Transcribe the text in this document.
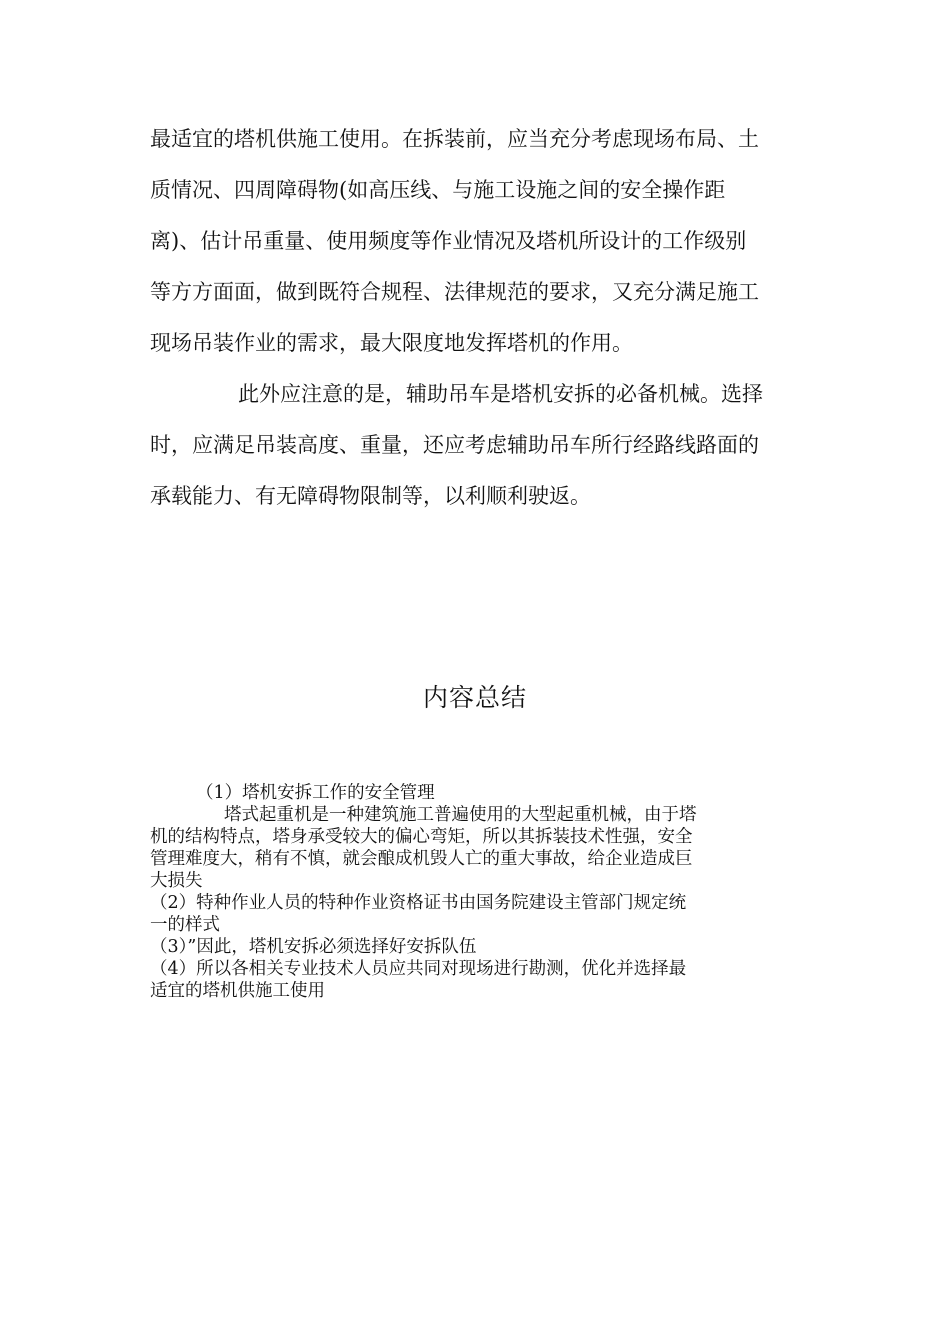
最适宜的塔机供施工使用。在拆装前，应当充分考虑现场布局、土
质情况、四周障碍物(如高压线、与施工设施之间的安全操作距
离)、估计吊重量、使用频度等作业情况及塔机所设计的工作级别
等方方面面，做到既符合规程、法律规范的要求，又充分满足施工
现场吊装作业的需求，最大限度地发挥塔机的作用。
此外应注意的是，辅助吊车是塔机安拆的必备机械。选择
时，应满足吊装高度、重量，还应考虑辅助吊车所行经路线路面的
承载能力、有无障碍物限制等，以利顺利驶返。
内容总结
（1）塔机安拆工作的安全管理
塔式起重机是一种建筑施工普遍使用的大型起重机械，由于塔
机的结构特点，塔身承受较大的偏心弯矩，所以其拆装技术性强，安全
管理难度大，稍有不慎，就会酿成机毁人亡的重大事故，给企业造成巨
大损失
（2）特种作业人员的特种作业资格证书由国务院建设主管部门规定统
一的样式
（3）”因此，塔机安拆必须选择好安拆队伍
（4）所以各相关专业技术人员应共同对现场进行勘测，优化并选择最
适宜的塔机供施工使用
